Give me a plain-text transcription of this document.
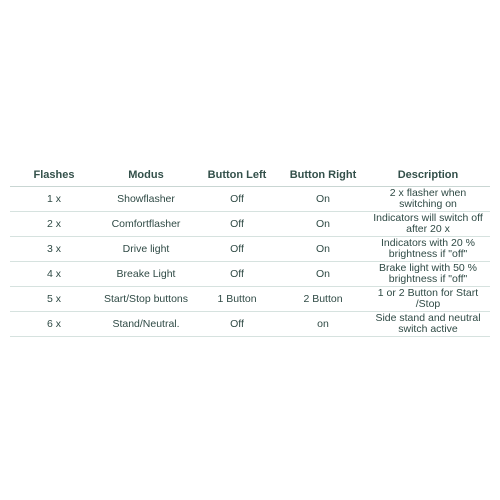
Flashes	Modus	Button Left	Button Right	Description
1 x	Showflasher	Off	On	2 x flasher when switching on
2 x	Comfortflasher	Off	On	Indicators will switch off after 20 x
3 x	Drive light	Off	On	Indicators with 20 % brightness if "off"
4 x	Breake Light	Off	On	Brake light with 50 % brightness if "off"
5 x	Start/Stop buttons	1 Button	2 Button	1 or 2 Button for Start /Stop
6 x	Stand/Neutral.	Off	on	Side stand and neutral switch active
